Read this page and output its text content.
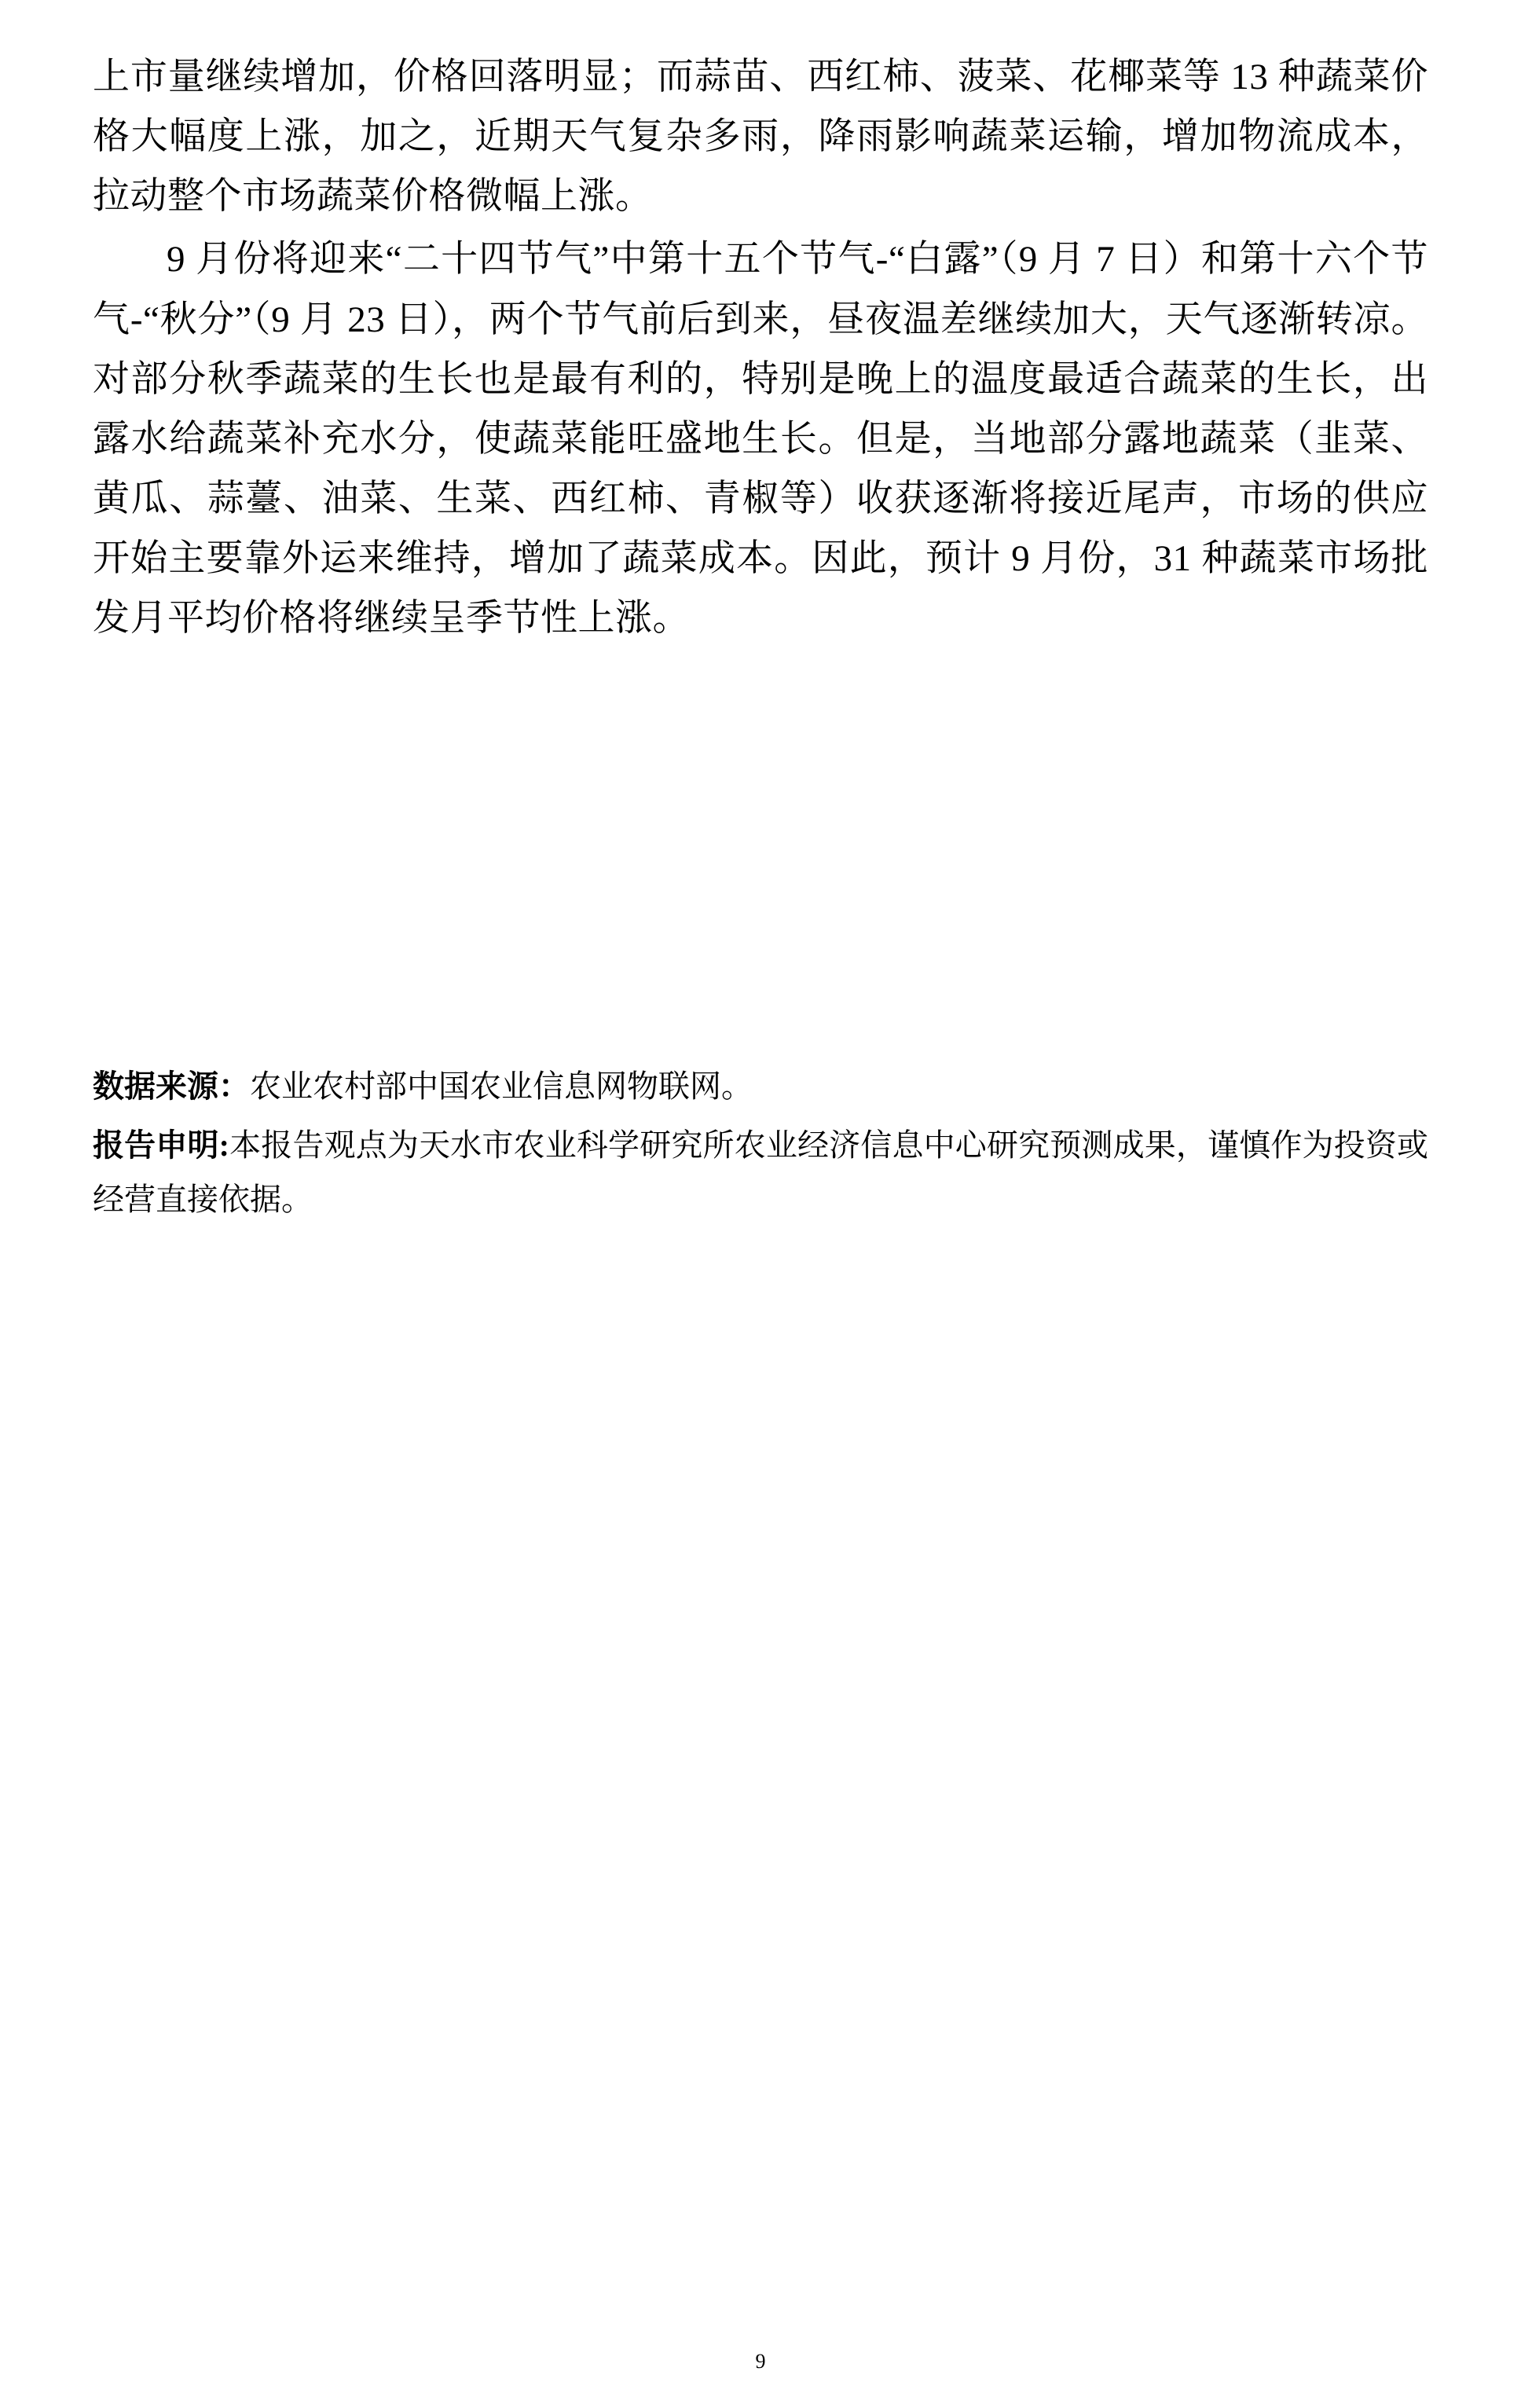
上市量继续增加，价格回落明显；而蒜苗、西红柿、菠菜、花椰菜等 13 种蔬菜价格大幅度上涨，加之，近期天气复杂多雨，降雨影响蔬菜运输，增加物流成本，拉动整个市场蔬菜价格微幅上涨。

9 月份将迎来“二十四节气”中第十五个节气-“白露”（9 月 7 日）和第十六个节气-“秋分”（9 月 23 日），两个节气前后到来，昼夜温差继续加大，天气逐渐转凉。对部分秋季蔬菜的生长也是最有利的，特别是晚上的温度最适合蔬菜的生长，出露水给蔬菜补充水分，使蔬菜能旺盛地生长。但是，当地部分露地蔬菜（韭菜、黄瓜、蒜薹、油菜、生菜、西红柿、青椒等）收获逐渐将接近尾声，市场的供应开始主要靠外运来维持，增加了蔬菜成本。因此，预计 9 月份，31 种蔬菜市场批发月平均价格将继续呈季节性上涨。

数据来源：农业农村部中国农业信息网物联网。

报告申明:本报告观点为天水市农业科学研究所农业经济信息中心研究预测成果，谨慎作为投资或经营直接依据。

9
